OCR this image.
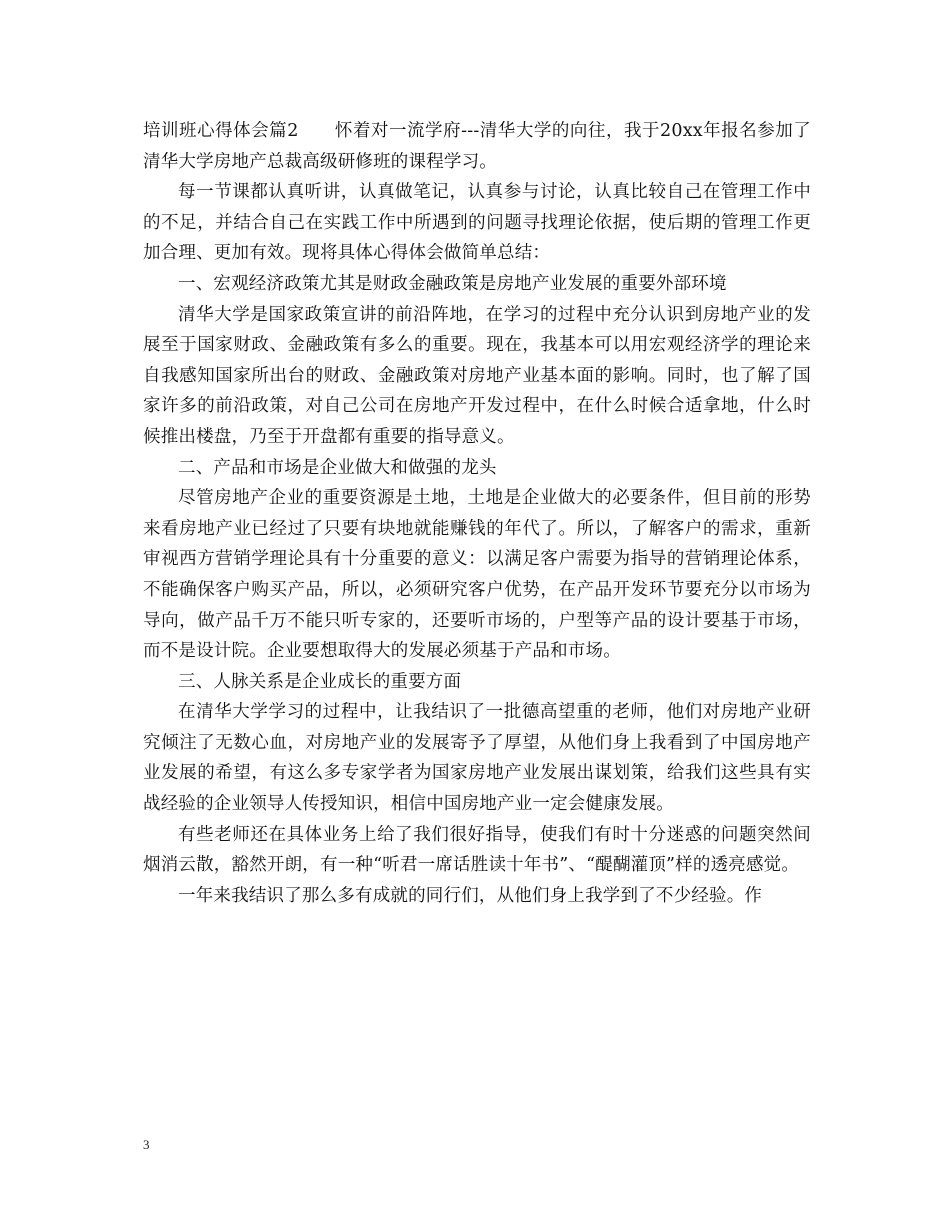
培训班心得体会篇2　　怀着对一流学府---清华大学的向往，我于20xx年报名参加了清华大学房地产总裁高级研修班的课程学习。

每一节课都认真听讲，认真做笔记，认真参与讨论，认真比较自己在管理工作中的不足，并结合自己在实践工作中所遇到的问题寻找理论依据，使后期的管理工作更加合理、更加有效。现将具体心得体会做简单总结：

一、宏观经济政策尤其是财政金融政策是房地产业发展的重要外部环境

清华大学是国家政策宣讲的前沿阵地，在学习的过程中充分认识到房地产业的发展至于国家财政、金融政策有多么的重要。现在，我基本可以用宏观经济学的理论来自我感知国家所出台的财政、金融政策对房地产业基本面的影响。同时，也了解了国家许多的前沿政策，对自己公司在房地产开发过程中，在什么时候合适拿地，什么时候推出楼盘，乃至于开盘都有重要的指导意义。

二、产品和市场是企业做大和做强的龙头

尽管房地产企业的重要资源是土地，土地是企业做大的必要条件，但目前的形势来看房地产业已经过了只要有块地就能赚钱的年代了。所以，了解客户的需求，重新审视西方营销学理论具有十分重要的意义：以满足客户需要为指导的营销理论体系，不能确保客户购买产品，所以，必须研究客户优势，在产品开发环节要充分以市场为导向，做产品千万不能只听专家的，还要听市场的，户型等产品的设计要基于市场，而不是设计院。企业要想取得大的发展必须基于产品和市场。

三、人脉关系是企业成长的重要方面

在清华大学学习的过程中，让我结识了一批德高望重的老师，他们对房地产业研究倾注了无数心血，对房地产业的发展寄予了厚望，从他们身上我看到了中国房地产业发展的希望，有这么多专家学者为国家房地产业发展出谋划策，给我们这些具有实战经验的企业领导人传授知识，相信中国房地产业一定会健康发展。

有些老师还在具体业务上给了我们很好指导，使我们有时十分迷惑的问题突然间烟消云散，豁然开朗，有一种“听君一席话胜读十年书”、“醍醐灌顶”样的透亮感觉。

一年来我结识了那么多有成就的同行们，从他们身上我学到了不少经验。作

3
